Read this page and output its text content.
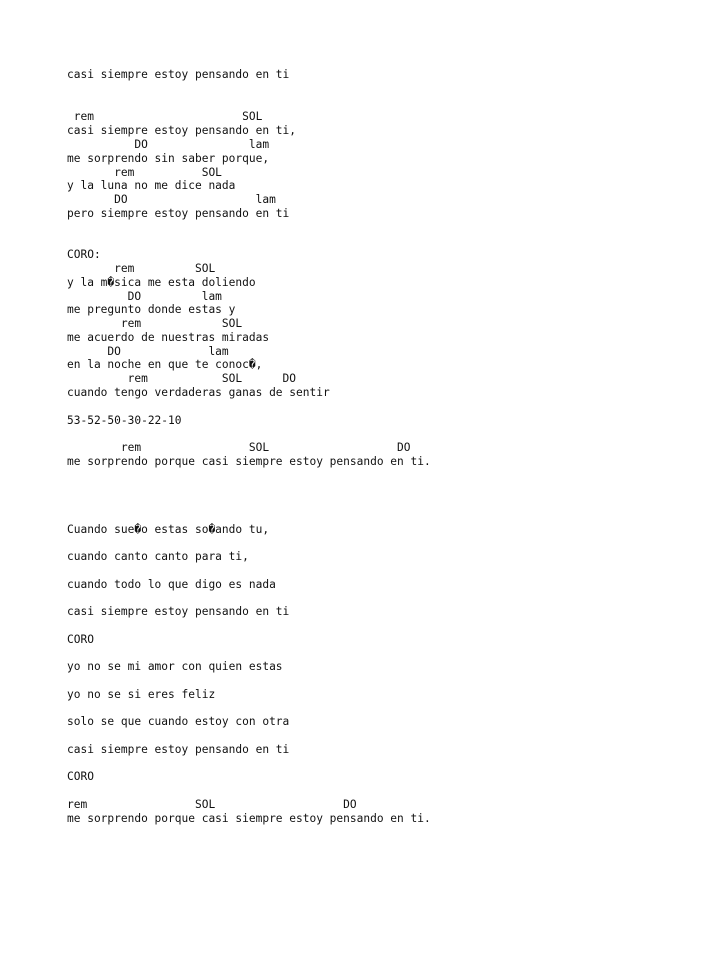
casi siempre estoy pensando en ti

rem                      SOL

casi siempre estoy pensando en ti,

DO               lam

me sorprendo sin saber porque,

rem          SOL

y la luna no me dice nada

DO                   lam

pero siempre estoy pensando en ti

CORO:

rem         SOL

y la m�sica me esta doliendo

DO         lam

me pregunto donde estas y

rem            SOL

me acuerdo de nuestras miradas

DO             lam

en la noche en que te conoc�,

rem           SOL      DO

cuando tengo verdaderas ganas de sentir

53-52-50-30-22-10

rem                SOL                   DO

me sorprendo porque casi siempre estoy pensando en ti.

Cuando sue�o estas so�ando tu,

cuando canto canto para ti,

cuando todo lo que digo es nada

casi siempre estoy pensando en ti

CORO

yo no se mi amor con quien estas

yo no se si eres feliz

solo se que cuando estoy con otra

casi siempre estoy pensando en ti

CORO

rem                SOL                   DO

me sorprendo porque casi siempre estoy pensando en ti.
